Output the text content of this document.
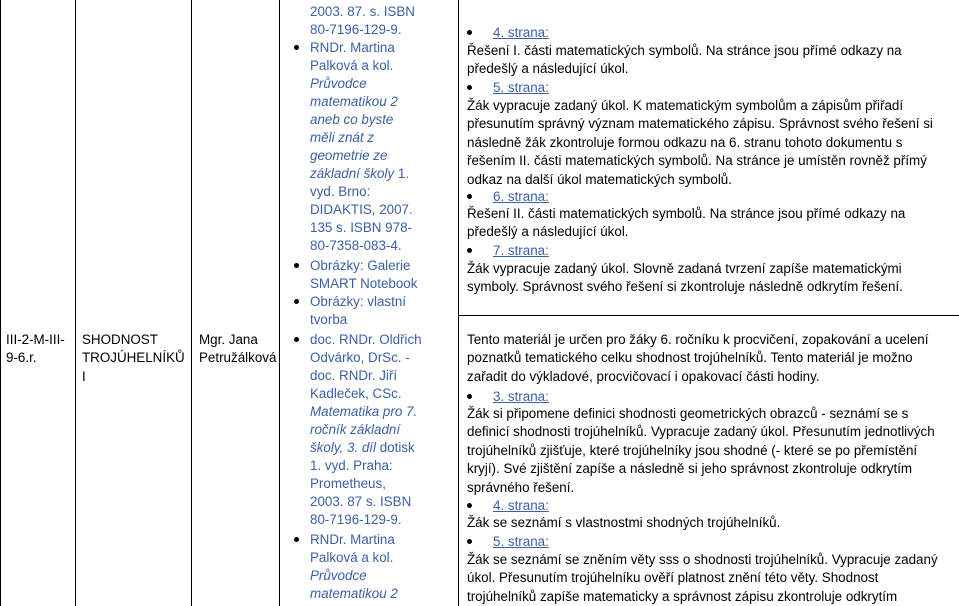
III-2-M-III-9-6.r.
SHODNOST TROJÚHELNÍKŮ I
Mgr. Jana Petružálková
2003. 87. s. ISBN
80-7196-129-9.
RNDr. Martina
Palková a kol.
Průvodce
matematikou 2
aneb co byste
měli znát z
geometrie ze
základní školy 1.
vyd. Brno:
DIDAKTIS, 2007.
135 s. ISBN 978-
80-7358-083-4.
Obrázky: Galerie
SMART Notebook
Obrázky: vlastní
tvorba
doc. RNDr. Oldřich
Odvárko, DrSc. -
doc. RNDr. Jiří
Kadleček, CSc.
Matematika pro 7.
ročník základní
školy, 3. díl dotisk
1. vyd. Praha:
Prometheus,
2003. 87 s. ISBN
80-7196-129-9.
RNDr. Martina
Palková a kol.
Průvodce
matematikou 2
4. strana:
Řešení I. části matematických symbolů. Na stránce jsou přímé odkazy na
předešlý a následující úkol.
5. strana:
Žák vypracuje zadaný úkol. K matematickým symbolům a zápisům přiřadí
přesunutím správný význam matematického zápisu. Správnost svého řešení si
následně žák zkontroluje formou odkazu na 6. stranu tohoto dokumentu s
řešením II. části matematických symbolů. Na stránce je umístěn rovněž přímý
odkaz na další úkol matematických symbolů.
6. strana:
Řešení II. části matematických symbolů. Na stránce jsou přímé odkazy na
předešlý a následující úkol.
7. strana:
Žák vypracuje zadaný úkol. Slovně zadaná tvrzení zapíše matematickými
symboly. Správnost svého řešení si zkontroluje následně odkrytím řešení.
Tento materiál je určen pro žáky 6. ročníku k procvičení, zopakování a ucelení
poznatků tematického celku shodnost trojúhelníků. Tento materiál je možno
zařadit do výkladové, procvičovací i opakovací části hodiny.
3. strana:
Žák si připomene definici shodnosti geometrických obrazců - seznámí se s
definicí shodnosti trojúhelníků. Vypracuje zadaný úkol. Přesunutím jednotlivých
trojúhelníků zjišťuje, které trojúhelníky jsou shodné (- které se po přemístění
kryjí). Své zjištění zapíše a následně si jeho správnost zkontroluje odkrytím
správného řešení.
4. strana:
Žák se seznámí s vlastnostmi shodných trojúhelníků.
5. strana:
Žák se seznámí se zněním věty sss o shodnosti trojúhelníků. Vypracuje zadaný
úkol. Přesunutím trojúhelníku ověří platnost znění této věty. Shodnost
trojúhelníků zapíše matematicky a správnost zápisu zkontroluje odkrytím
